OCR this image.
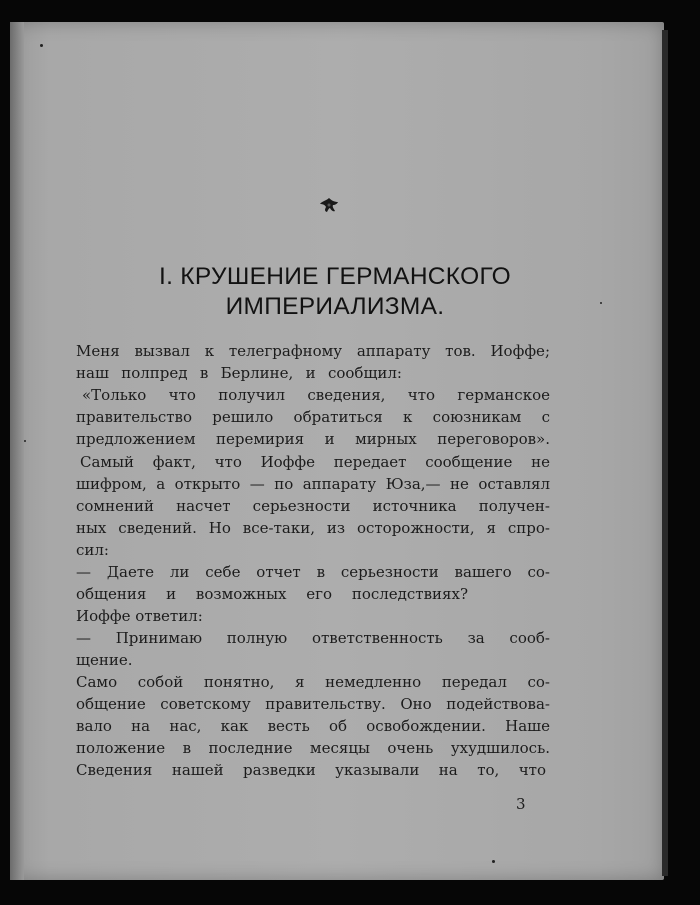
I. КРУШЕНИЕ ГЕРМАНСКОГО
ИМПЕРИАЛИЗМА.
Меня вызвал к телеграфному аппарату тов. Иоффе;
наш полпред в Берлине, и сообщил:
«Только что получил сведения, что германское
правительство решило обратиться к союзникам с
предложением перемирия и мирных переговоров».
Самый факт, что Иоффе передает сообщение не
шифром, а открыто — по аппарату Юза,— не оставлял
сомнений насчет серьезности источника получен-
ных сведений. Но все-таки, из осторожности, я спро-
сил:
— Даете ли себе отчет в серьезности вашего со-
общения и возможных его последствиях?
Иоффе ответил:
— Принимаю полную ответственность за сооб-
щение.
Само собой понятно, я немедленно передал со-
общение советскому правительству. Оно подействова-
вало на нас, как весть об освобождении. Наше
положение в последние месяцы очень ухудшилось.
Сведения нашей разведки указывали на то, что
3
